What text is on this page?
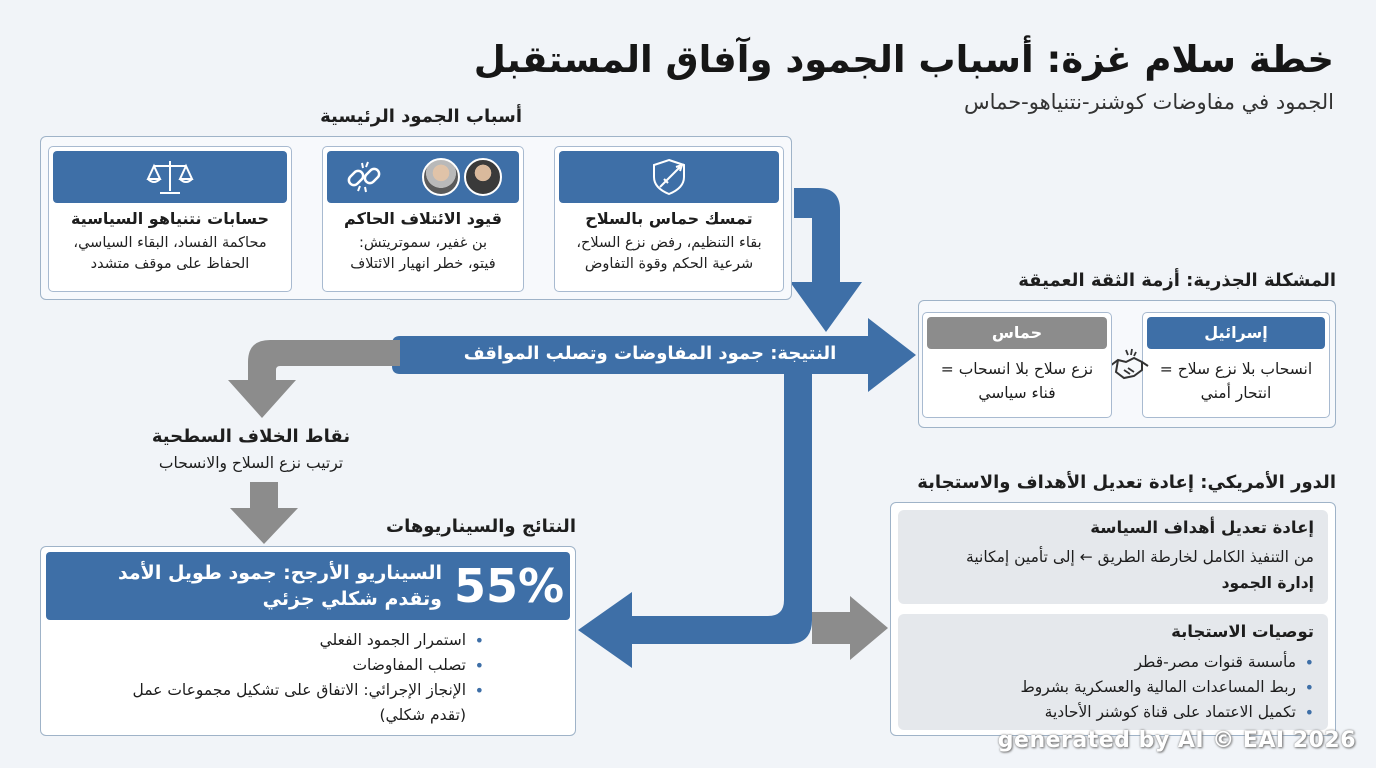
خطة سلام غزة: أسباب الجمود وآفاق المستقبل
الجمود في مفاوضات كوشنر-نتنياهو-حماس
أسباب الجمود الرئيسية
تمسك حماس بالسلاح
بقاء التنظيم، رفض نزع السلاح،
شرعية الحكم وقوة التفاوض
قيود الائتلاف الحاكم
بن غفير، سموتريتش:
فيتو، خطر انهيار الائتلاف
حسابات نتنياهو السياسية
محاكمة الفساد، البقاء السياسي،
الحفاظ على موقف متشدد
النتيجة: جمود المفاوضات وتصلب المواقف
المشكلة الجذرية: أزمة الثقة العميقة
إسرائيل
انسحاب بلا نزع سلاح =
انتحار أمني
حماس
نزع سلاح بلا انسحاب =
فناء سياسي
نقاط الخلاف السطحية
ترتيب نزع السلاح والانسحاب
النتائج والسيناريوهات
55%
السيناريو الأرجح: جمود طويل الأمد
وتقدم شكلي جزئي
• استمرار الجمود الفعلي
• تصلب المفاوضات
• الإنجاز الإجرائي: الاتفاق على تشكيل مجموعات عمل
(تقدم شكلي)
الدور الأمريكي: إعادة تعديل الأهداف والاستجابة
إعادة تعديل أهداف السياسة
من التنفيذ الكامل لخارطة الطريق ← إلى تأمين إمكانية
إدارة الجمود
توصيات الاستجابة
• مأسسة قنوات مصر-قطر
• ربط المساعدات المالية والعسكرية بشروط
• تكميل الاعتماد على قناة كوشنر الأحادية
generated by AI © EAI 2026
